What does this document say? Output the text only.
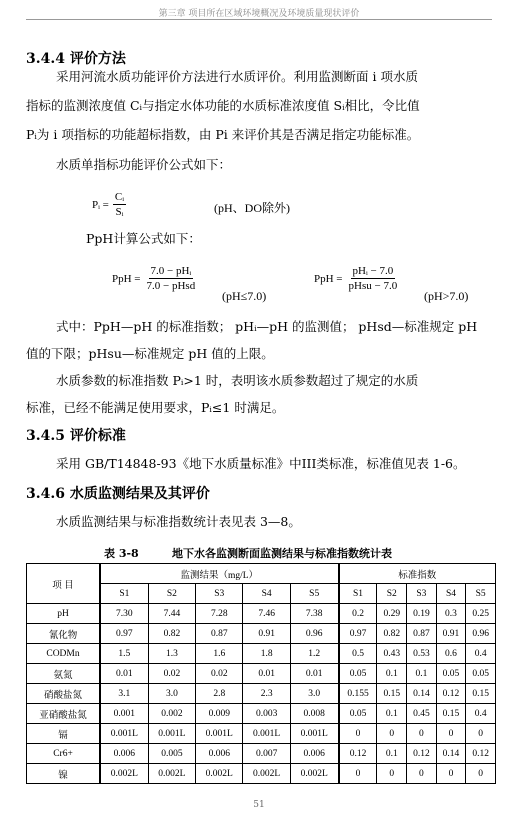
第三章 项目所在区域环境概况及环境质量现状评价
3.4.4 评价方法
采用河流水质功能评价方法进行水质评价。利用监测断面 i 项水质
指标的监测浓度值 Cᵢ与指定水体功能的水质标准浓度值 Sᵢ相比，令比值
Pᵢ为 i 项指标的功能超标指数，由 Pi 来评价其是否满足指定功能标准。
水质单指标功能评价公式如下：
Pᵢ = $\frac{\text{Cᵢ}}{\text{Sᵢ}}$	(pH、DO除外)
PpH计算公式如下：
PpH = $\frac{\text{7.0 − pHᵢ}}{\text{7.0 − pHsd}}$
(pH≤7.0)
PpH = $\frac{\text{pHᵢ − 7.0}}{\text{pHsu − 7.0}}$
(pH>7.0)
式中：PpH—pH 的标准指数； pHᵢ—pH 的监测值； pHsd—标准规定 pH
值的下限；pHsu—标准规定 pH 值的上限。
水质参数的标准指数 Pᵢ>1 时，表明该水质参数超过了规定的水质
标准，已经不能满足使用要求，Pᵢ≤1 时满足。
3.4.5 评价标准
采用 GB/T14848-93《地下水质量标准》中III类标准，标准值见表 1-6。
3.4.6 水质监测结果及其评价
水质监测结果与标准指数统计表见表 3—8。
表 3-8	地下水各监测断面监测结果与标准指数统计表
项 目	监测结果（mg/L）					标准指数				
	S1	S2	S3	S4	S5	S1	S2	S3	S4	S5
pH	7.30	7.44	7.28	7.46	7.38	0.2	0.29	0.19	0.3	0.25
氰化物	0.97	0.82	0.87	0.91	0.96	0.97	0.82	0.87	0.91	0.96
CODMn	1.5	1.3	1.6	1.8	1.2	0.5	0.43	0.53	0.6	0.4
氨氮	0.01	0.02	0.02	0.01	0.01	0.05	0.1	0.1	0.05	0.05
硝酸盐氮	3.1	3.0	2.8	2.3	3.0	0.155	0.15	0.14	0.12	0.15
亚硝酸盐氮	0.001	0.002	0.009	0.003	0.008	0.05	0.1	0.45	0.15	0.4
镉	0.001L	0.001L	0.001L	0.001L	0.001L	0	0	0	0	0
Cr6+	0.006	0.005	0.006	0.007	0.006	0.12	0.1	0.12	0.14	0.12
镍	0.002L	0.002L	0.002L	0.002L	0.002L	0	0	0	0	0
51
